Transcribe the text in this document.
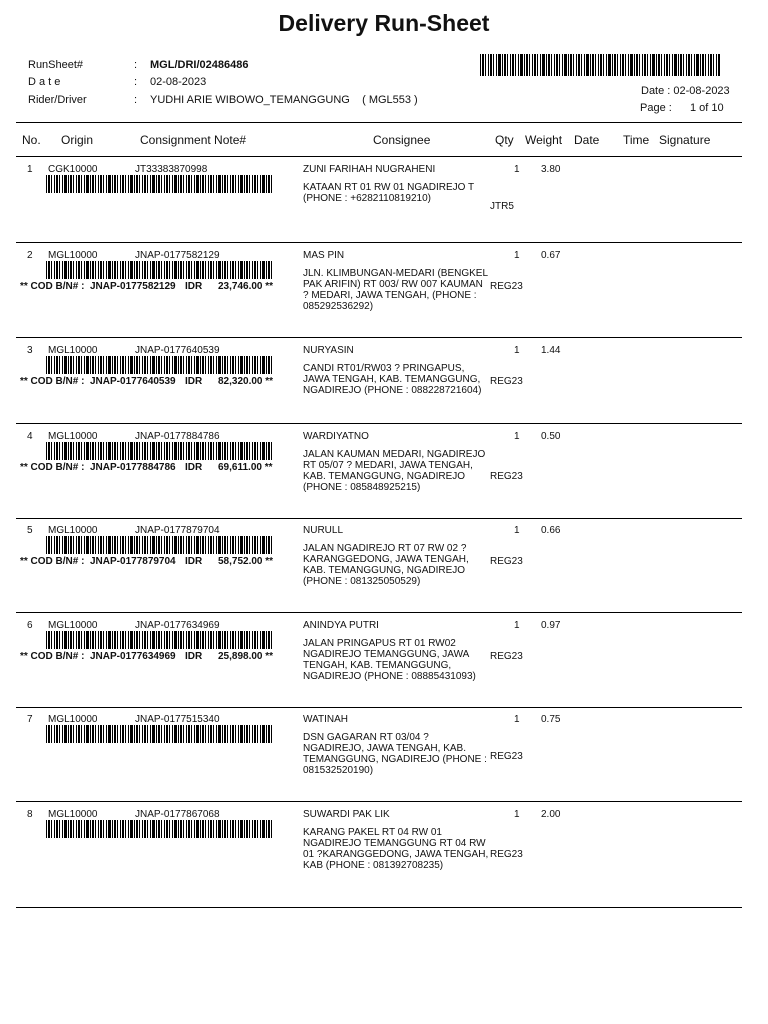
Delivery Run-Sheet
RunSheet#	: MGL/DRI/02486486
D a t e	: 02-08-2023
Rider/Driver	: YUDHI ARIE WIBOWO_TEMANGGUNG ( MGL553 )
Date : 02-08-2023
Page : 1 of 10
No. Origin	Consignment Note#	Consignee	Qty Weight Date Time Signature
1 CGK10000	JT33383870998	ZUNI FARIHAH NUGRAHENI
KATAAN RT 01 RW 01 NGADIREJO T (PHONE : +6282110819210)
JTR5
1 3.80
2 MGL10000	JNAP-0177582129
** COD B/N# : JNAP-0177582129 IDR 23,746.00 **
MAS PIN
JLN. KLIMBUNGAN-MEDARI (BENGKEL PAK ARIFIN) RT 003/ RW 007 KAUMAN ? MEDARI, JAWA TENGAH, (PHONE : 085292536292)
REG23
1 0.67
3 MGL10000	JNAP-0177640539
** COD B/N# : JNAP-0177640539 IDR 82,320.00 **
NURYASIN
CANDI RT01/RW03 ? PRINGAPUS, JAWA TENGAH, KAB. TEMANGGUNG, NGADIREJO (PHONE : 088228721604)
REG23
1 1.44
4 MGL10000	JNAP-0177884786
** COD B/N# : JNAP-0177884786 IDR 69,611.00 **
WARDIYATNO
JALAN KAUMAN MEDARI, NGADIREJO RT 05/07 ? MEDARI, JAWA TENGAH, KAB. TEMANGGUNG, NGADIREJO (PHONE : 085848925215)
REG23
1 0.50
5 MGL10000	JNAP-0177879704
** COD B/N# : JNAP-0177879704 IDR 58,752.00 **
NURULL
JALAN NGADIREJO RT 07 RW 02 ?KARANGGEDONG, JAWA TENGAH, KAB. TEMANGGUNG, NGADIREJO (PHONE : 081325050529)
REG23
1 0.66
6 MGL10000	JNAP-0177634969
** COD B/N# : JNAP-0177634969 IDR 25,898.00 **
ANINDYA PUTRI
JALAN PRINGAPUS RT 01 RW02 NGADIREJO TEMANGGUNG, JAWA TENGAH, KAB. TEMANGGUNG, NGADIREJO (PHONE : 08885431093)
REG23
1 0.97
7 MGL10000	JNAP-0177515340	WATINAH
DSN GAGARAN RT 03/04 ? NGADIREJO, JAWA TENGAH, KAB. TEMANGGUNG, NGADIREJO (PHONE : 081532520190)
REG23
1 0.75
8 MGL10000	JNAP-0177867068	SUWARDI PAK LIK
KARANG PAKEL RT 04 RW 01 NGADIREJO TEMANGGUNG RT 04 RW 01 ?KARANGGEDONG, JAWA TENGAH, KAB (PHONE : 081392708235)
REG23
1 2.00
